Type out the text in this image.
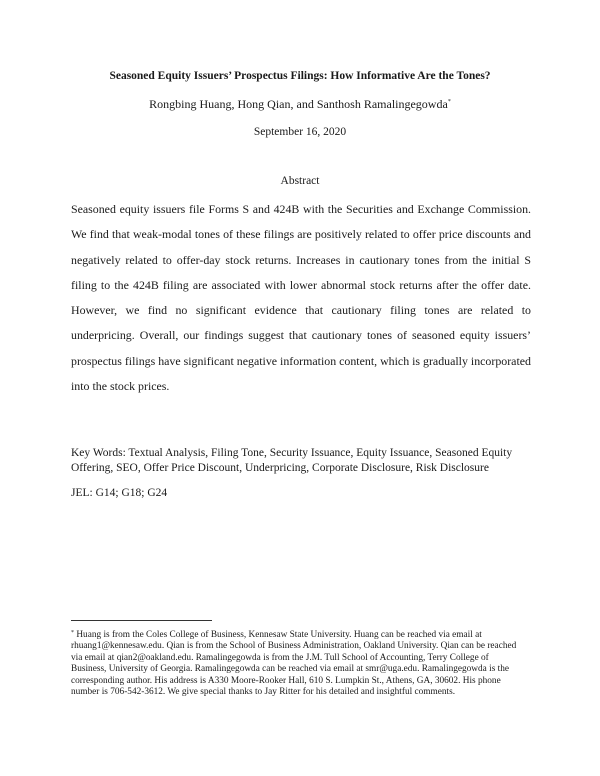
Seasoned Equity Issuers’ Prospectus Filings: How Informative Are the Tones?
Rongbing Huang, Hong Qian, and Santhosh Ramalingegowda*
September 16, 2020
Abstract
Seasoned equity issuers file Forms S and 424B with the Securities and Exchange Commission. We find that weak-modal tones of these filings are positively related to offer price discounts and negatively related to offer-day stock returns. Increases in cautionary tones from the initial S filing to the 424B filing are associated with lower abnormal stock returns after the offer date. However, we find no significant evidence that cautionary filing tones are related to underpricing. Overall, our findings suggest that cautionary tones of seasoned equity issuers’ prospectus filings have significant negative information content, which is gradually incorporated into the stock prices.
Key Words: Textual Analysis, Filing Tone, Security Issuance, Equity Issuance, Seasoned Equity Offering, SEO, Offer Price Discount, Underpricing, Corporate Disclosure, Risk Disclosure
JEL: G14; G18; G24
* Huang is from the Coles College of Business, Kennesaw State University. Huang can be reached via email at rhuang1@kennesaw.edu. Qian is from the School of Business Administration, Oakland University. Qian can be reached via email at qian2@oakland.edu. Ramalingegowda is from the J.M. Tull School of Accounting, Terry College of Business, University of Georgia. Ramalingegowda can be reached via email at smr@uga.edu. Ramalingegowda is the corresponding author. His address is A330 Moore-Rooker Hall, 610 S. Lumpkin St., Athens, GA, 30602. His phone number is 706-542-3612. We give special thanks to Jay Ritter for his detailed and insightful comments.
